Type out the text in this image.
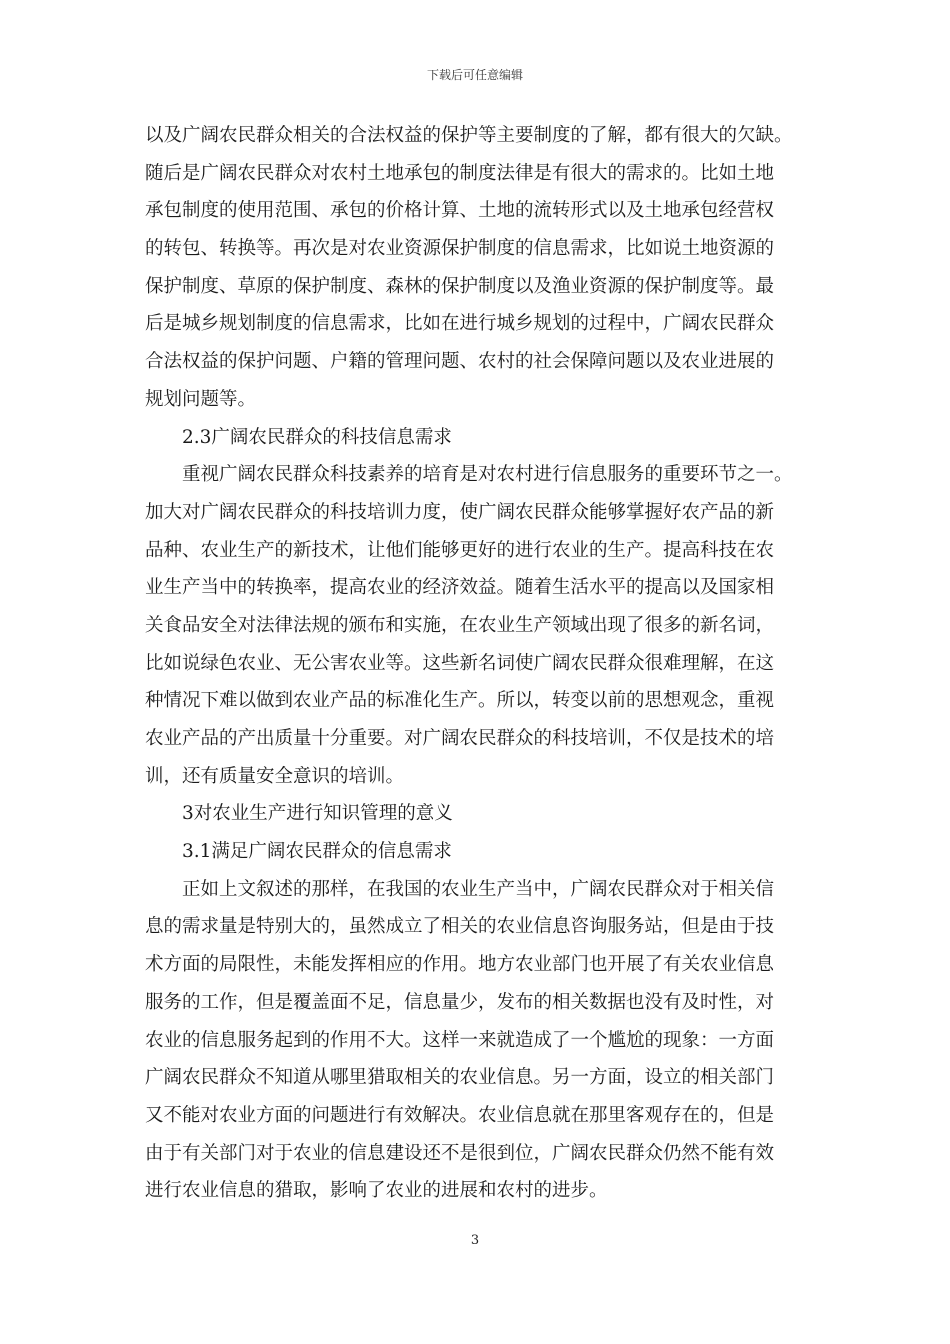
下载后可任意编辑
以及广阔农民群众相关的合法权益的保护等主要制度的了解，都有很大的欠缺。
随后是广阔农民群众对农村土地承包的制度法律是有很大的需求的。比如土地
承包制度的使用范围、承包的价格计算、土地的流转形式以及土地承包经营权
的转包、转换等。再次是对农业资源保护制度的信息需求，比如说土地资源的
保护制度、草原的保护制度、森林的保护制度以及渔业资源的保护制度等。最
后是城乡规划制度的信息需求，比如在进行城乡规划的过程中，广阔农民群众
合法权益的保护问题、户籍的管理问题、农村的社会保障问题以及农业进展的
规划问题等。
2.3广阔农民群众的科技信息需求
重视广阔农民群众科技素养的培育是对农村进行信息服务的重要环节之一。
加大对广阔农民群众的科技培训力度，使广阔农民群众能够掌握好农产品的新
品种、农业生产的新技术，让他们能够更好的进行农业的生产。提高科技在农
业生产当中的转换率，提高农业的经济效益。随着生活水平的提高以及国家相
关食品安全对法律法规的颁布和实施，在农业生产领域出现了很多的新名词，
比如说绿色农业、无公害农业等。这些新名词使广阔农民群众很难理解，在这
种情况下难以做到农业产品的标准化生产。所以，转变以前的思想观念，重视
农业产品的产出质量十分重要。对广阔农民群众的科技培训，不仅是技术的培
训，还有质量安全意识的培训。
3对农业生产进行知识管理的意义
3.1满足广阔农民群众的信息需求
正如上文叙述的那样，在我国的农业生产当中，广阔农民群众对于相关信
息的需求量是特别大的，虽然成立了相关的农业信息咨询服务站，但是由于技
术方面的局限性，未能发挥相应的作用。地方农业部门也开展了有关农业信息
服务的工作，但是覆盖面不足，信息量少，发布的相关数据也没有及时性，对
农业的信息服务起到的作用不大。这样一来就造成了一个尴尬的现象：一方面
广阔农民群众不知道从哪里猎取相关的农业信息。另一方面，设立的相关部门
又不能对农业方面的问题进行有效解决。农业信息就在那里客观存在的，但是
由于有关部门对于农业的信息建设还不是很到位，广阔农民群众仍然不能有效
进行农业信息的猎取，影响了农业的进展和农村的进步。
3
